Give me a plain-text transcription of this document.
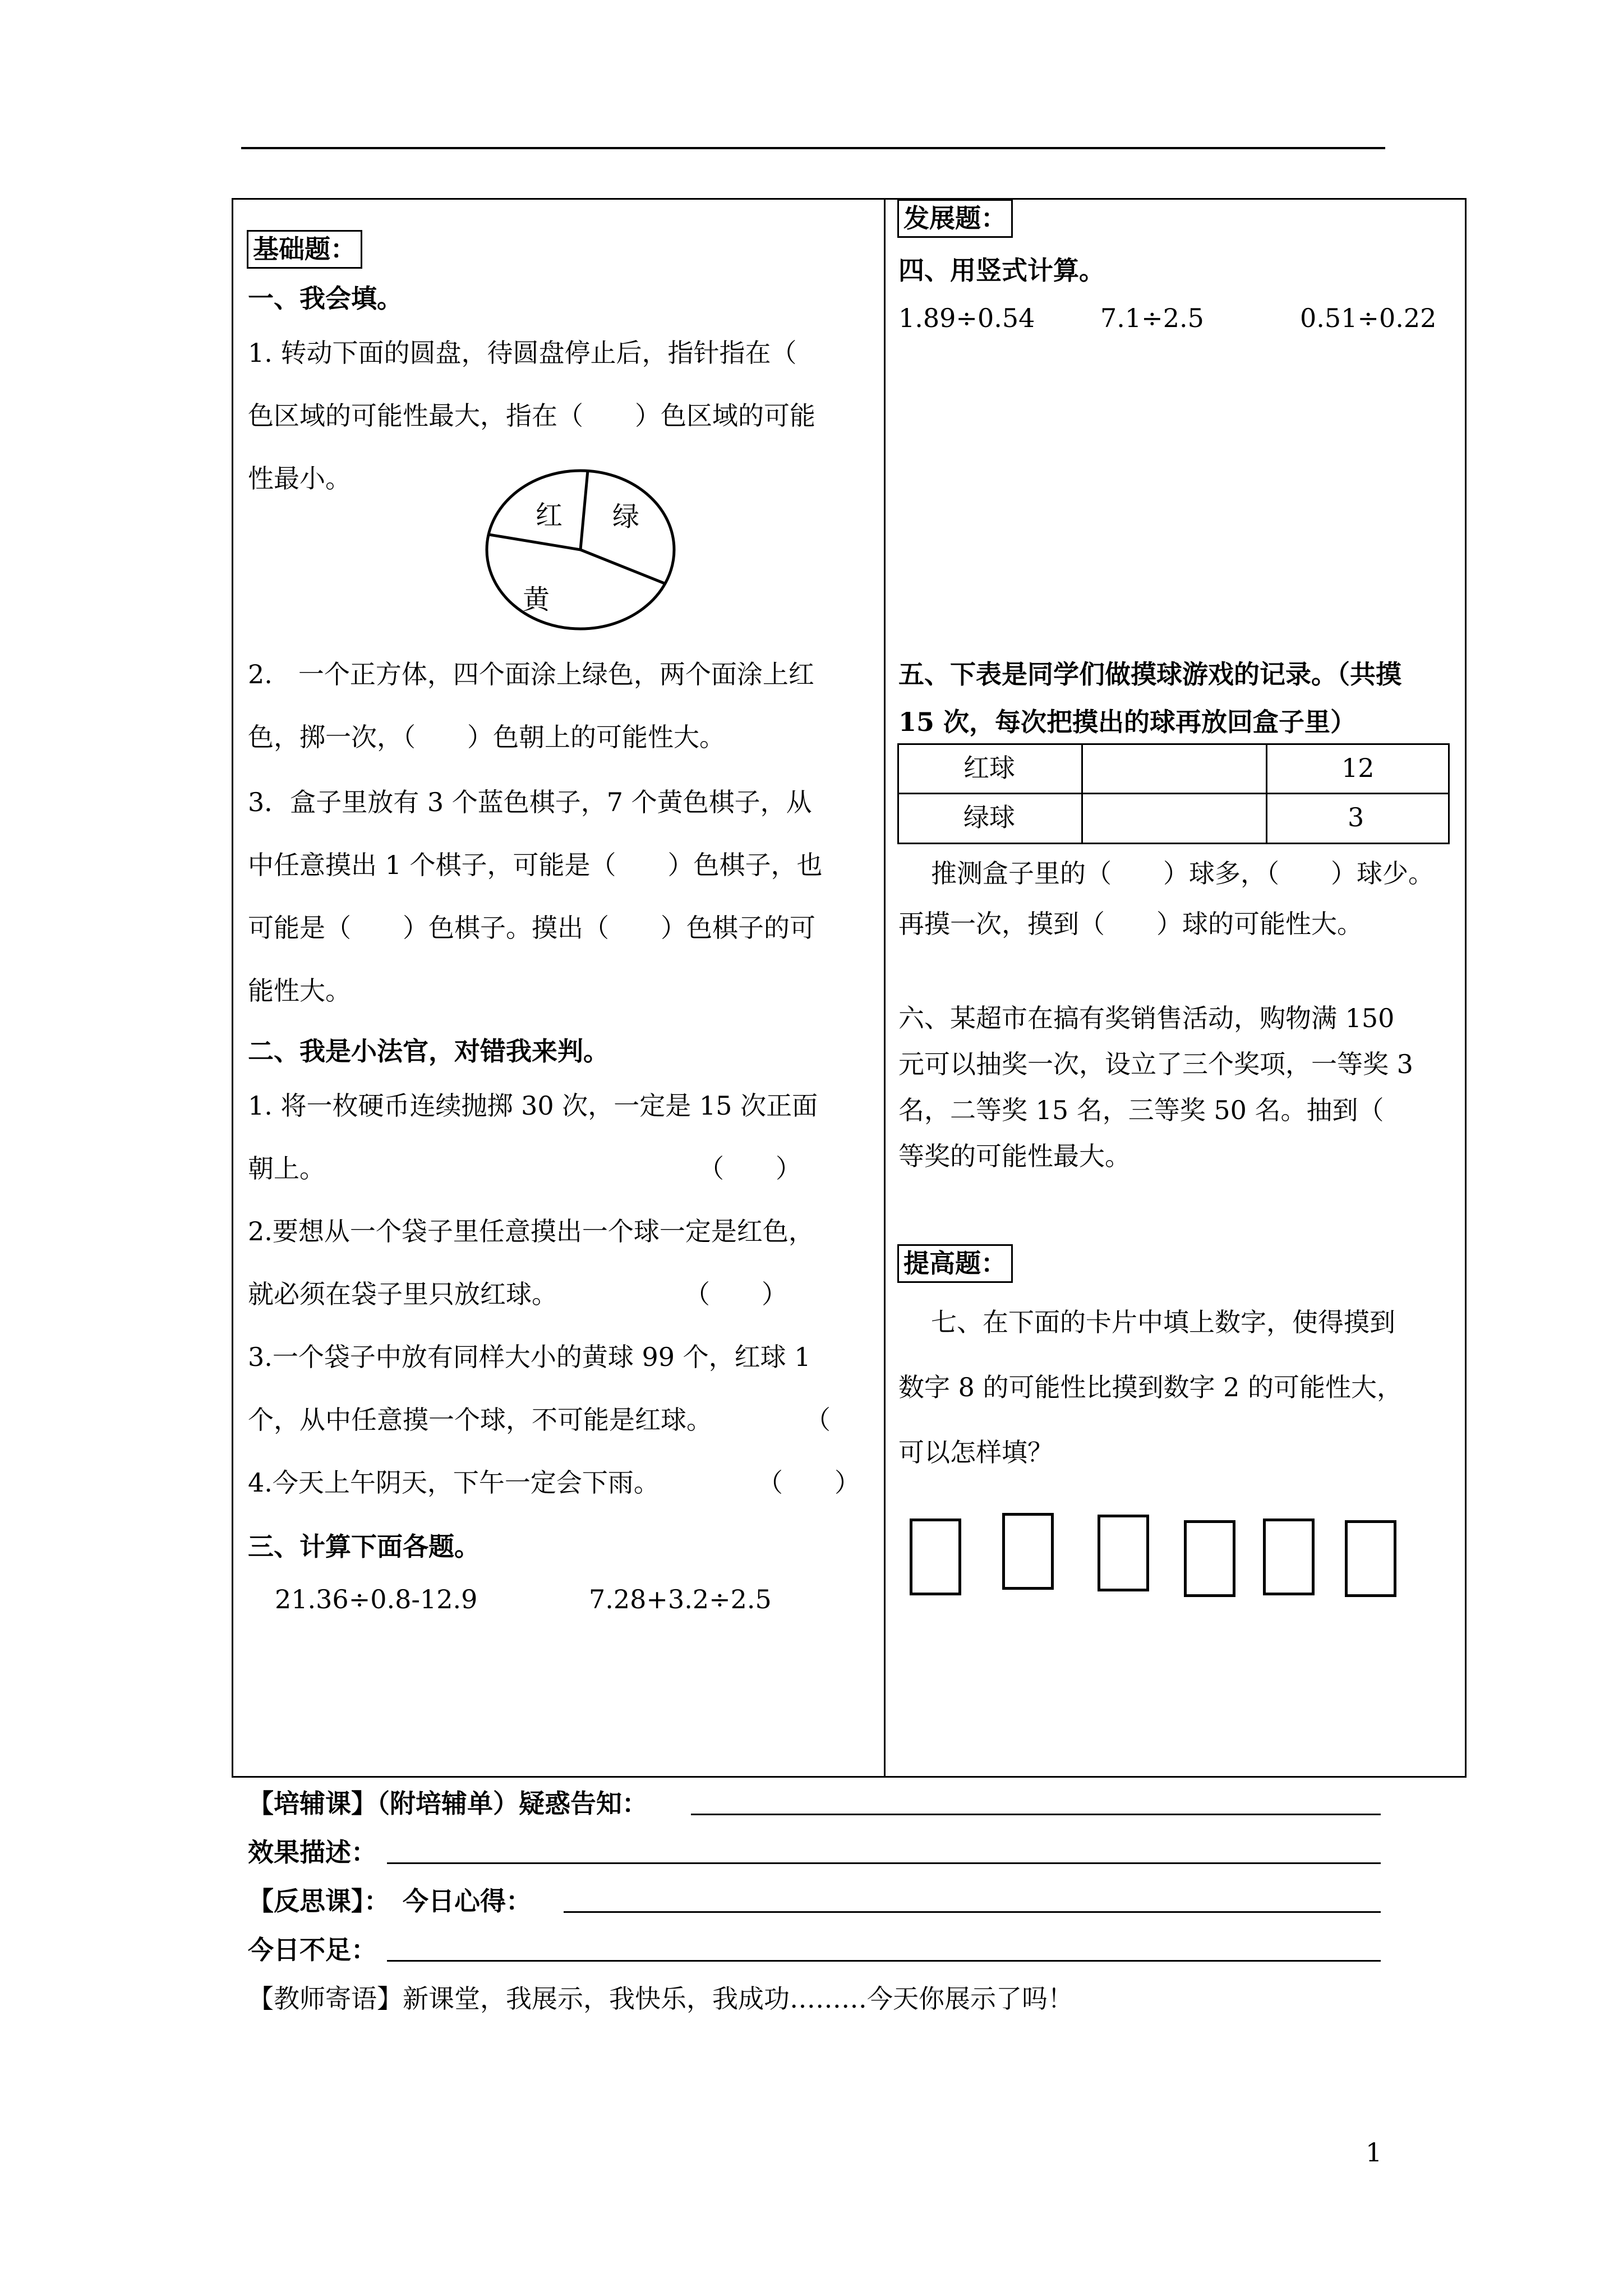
基础题：
一、我会填。
1. 转动下面的圆盘，待圆盘停止后，指针指在（
色区域的可能性最大，指在（　　）色区域的可能
性最小。
红 绿
黄
2.　一个正方体，四个面涂上绿色，两个面涂上红
色，掷一次，（　　）色朝上的可能性大。
3．盒子里放有 3 个蓝色棋子，7 个黄色棋子，从
中任意摸出 1 个棋子，可能是（　　）色棋子，也
可能是（　　）色棋子。摸出（　　）色棋子的可
能性大。
二、我是小法官，对错我来判。
1. 将一枚硬币连续抛掷 30 次，一定是 15 次正面
朝上。	（　　）
2.要想从一个袋子里任意摸出一个球一定是红色，
就必须在袋子里只放红球。	（　　）
3.一个袋子中放有同样大小的黄球 99 个，红球 1
个，从中任意摸一个球，不可能是红球。	（
4.今天上午阴天，下午一定会下雨。	（　　）
三、计算下面各题。
21.36÷0.8-12.9	7.28+3.2÷2.5
发展题：
四、用竖式计算。
1.89÷0.54	7.1÷2.5	0.51÷0.22
五、下表是同学们做摸球游戏的记录。（共摸
15 次，每次把摸出的球再放回盒子里）
红球	12
绿球	3
推测盒子里的（　　）球多，（　　）球少。
再摸一次，摸到（　　）球的可能性大。
六、某超市在搞有奖销售活动，购物满 150
元可以抽奖一次，设立了三个奖项，一等奖 3
名，二等奖 15 名，三等奖 50 名。抽到（
等奖的可能性最大。
提高题：
七、在下面的卡片中填上数字，使得摸到
数字 8 的可能性比摸到数字 2 的可能性大，
可以怎样填？
【培辅课】（附培辅单）疑惑告知：
效果描述：
【反思课】：　今日心得：
今日不足：
【教师寄语】新课堂，我展示，我快乐，我成功………今天你展示了吗！
1
